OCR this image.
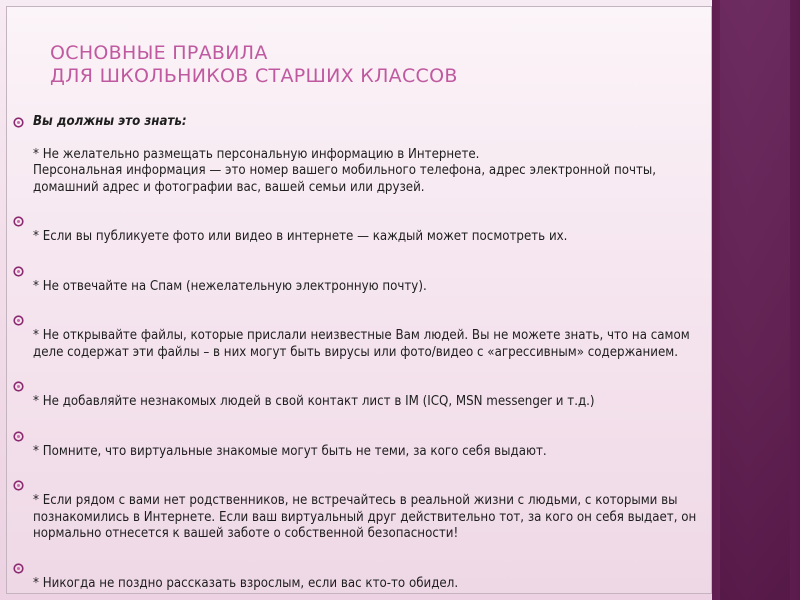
ОСНОВНЫЕ ПРАВИЛА
ДЛЯ ШКОЛЬНИКОВ СТАРШИХ КЛАССОВ
Вы должны это знать:
* Не желательно размещать персональную информацию в Интернете.
Персональная информация — это номер вашего мобильного телефона, адрес электронной почты, домашний адрес и фотографии вас, вашей семьи или друзей.
* Если вы публикуете фото или видео в интернете — каждый может посмотреть их.
* Не отвечайте на Спам (нежелательную электронную почту).
* Не открывайте файлы, которые прислали неизвестные Вам людей. Вы не можете знать, что на самом деле содержат эти файлы – в них могут быть вирусы или фото/видео с «агрессивным» содержанием.
* Не добавляйте незнакомых людей в свой контакт лист в IM (ICQ, MSN messenger и т.д.)
* Помните, что виртуальные знакомые могут быть не теми, за кого себя выдают.
* Если рядом с вами нет родственников, не встречайтесь в реальной жизни с людьми, с которыми вы познакомились в Интернете. Если ваш виртуальный друг действительно тот, за кого он себя выдает, он нормально отнесется к вашей заботе о собственной безопасности!
* Никогда не поздно рассказать взрослым, если вас кто-то обидел.
